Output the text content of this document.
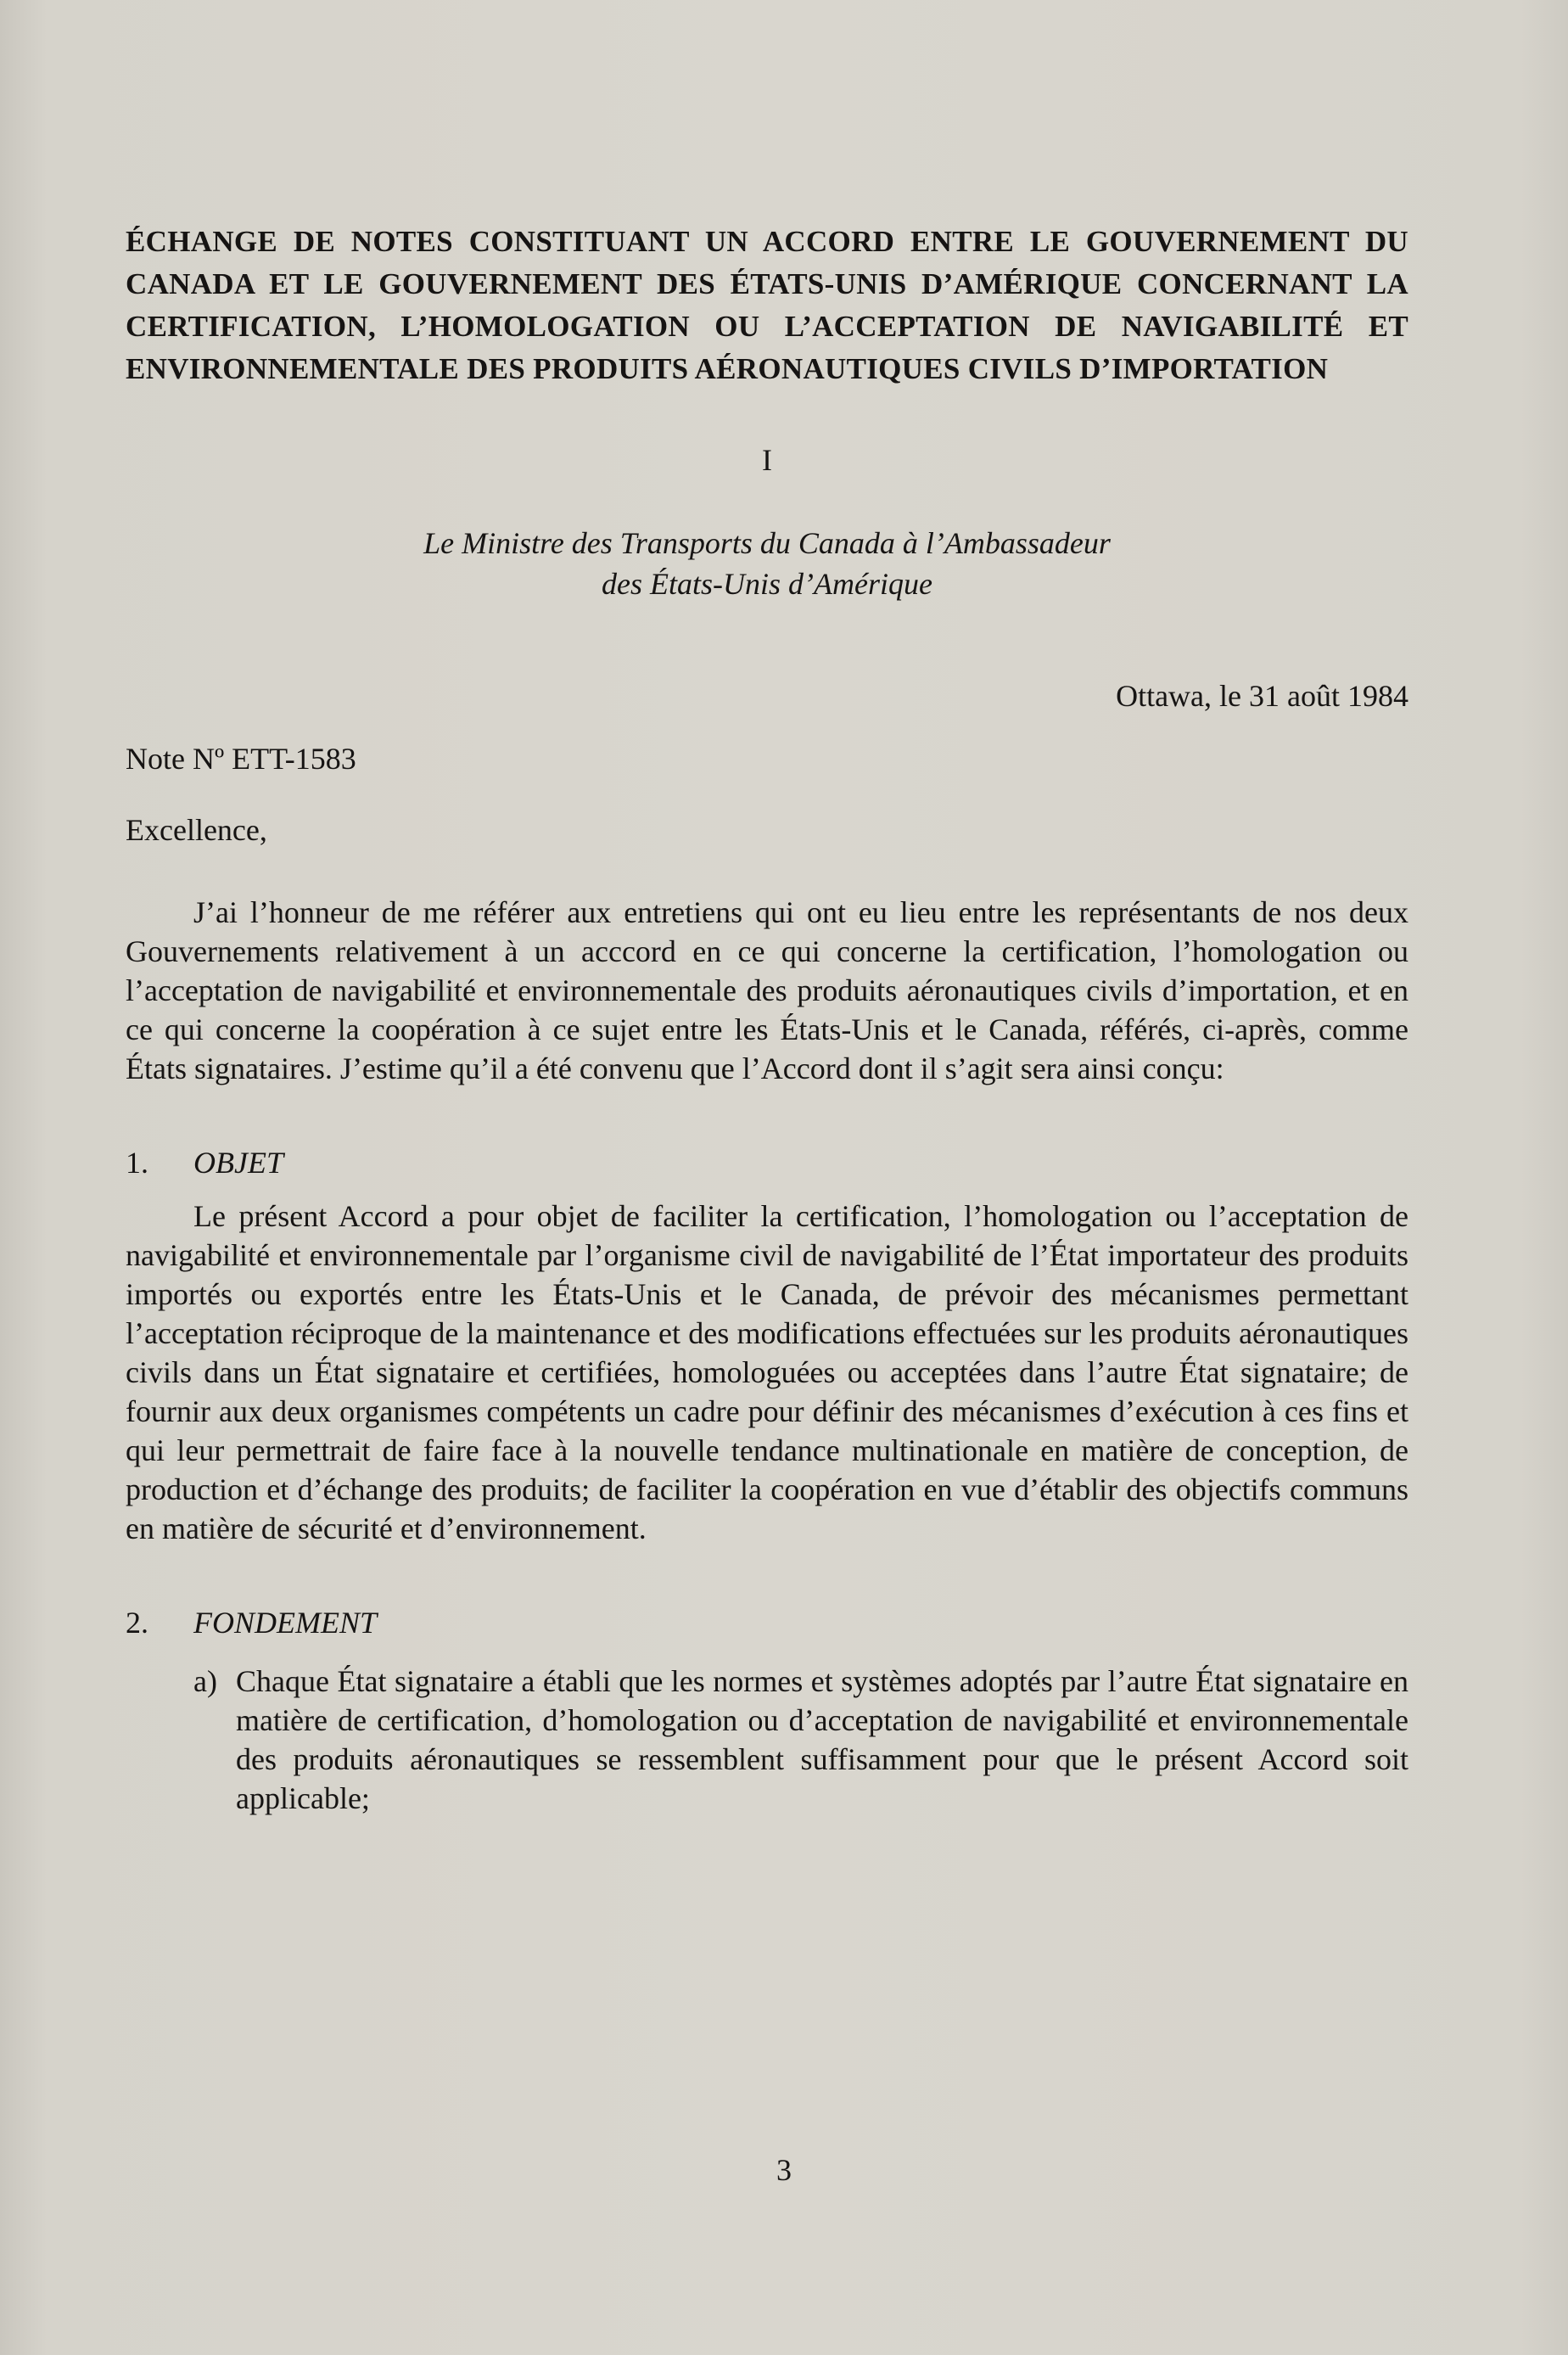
ÉCHANGE DE NOTES CONSTITUANT UN ACCORD ENTRE LE GOUVERNEMENT DU CANADA ET LE GOUVERNEMENT DES ÉTATS-UNIS D’AMÉRIQUE CONCERNANT LA CERTIFICATION, L’HOMOLOGATION OU L’ACCEPTATION DE NAVIGABILITÉ ET ENVIRONNEMENTALE DES PRODUITS AÉRONAUTIQUES CIVILS D’IMPORTATION

I
Le Ministre des Transports du Canada à l’Ambassadeur
des États-Unis d’Amérique
Ottawa, le 31 août 1984
Note Nº ETT-1583
Excellence,

J’ai l’honneur de me référer aux entretiens qui ont eu lieu entre les représentants de nos deux Gouvernements relativement à un acccord en ce qui concerne la certification, l’homologation ou l’acceptation de navigabilité et environnementale des produits aéronautiques civils d’importation, et en ce qui concerne la coopération à ce sujet entre les États-Unis et le Canada, référés, ci-après, comme États signataires. J’estime qu’il a été convenu que l’Accord dont il s’agit sera ainsi conçu:

1. OBJET

Le présent Accord a pour objet de faciliter la certification, l’homologation ou l’acceptation de navigabilité et environnementale par l’organisme civil de navigabilité de l’État importateur des produits importés ou exportés entre les États-Unis et le Canada, de prévoir des mécanismes permettant l’acceptation réciproque de la maintenance et des modifications effectuées sur les produits aéronautiques civils dans un État signataire et certifiées, homologuées ou acceptées dans l’autre État signataire; de fournir aux deux organismes compétents un cadre pour définir des mécanismes d’exécution à ces fins et qui leur permettrait de faire face à la nouvelle tendance multinationale en matière de conception, de production et d’échange des produits; de faciliter la coopération en vue d’établir des objectifs communs en matière de sécurité et d’environnement.

2. FONDEMENT
a) Chaque État signataire a établi que les normes et systèmes adoptés par l’autre État signataire en matière de certification, d’homologation ou d’acceptation de navigabilité et environnementale des produits aéronautiques se ressemblent suffisamment pour que le présent Accord soit applicable;
3
